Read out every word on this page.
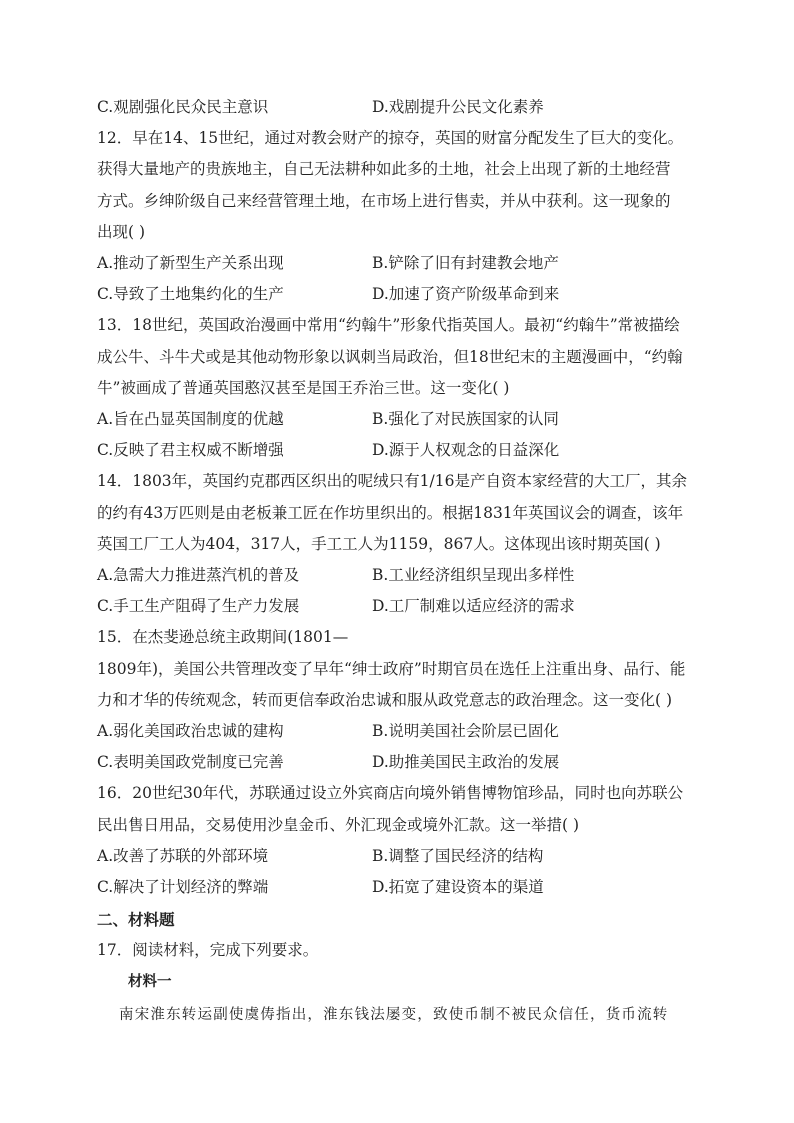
C.观剧强化民众民主意识	D.戏剧提升公民文化素养
12．早在14、15世纪，通过对教会财产的掠夺，英国的财富分配发生了巨大的变化。
获得大量地产的贵族地主，自己无法耕种如此多的土地，社会上出现了新的土地经营
方式。乡绅阶级自己来经营管理土地，在市场上进行售卖，并从中获利。这一现象的
出现( )
A.推动了新型生产关系出现	B.铲除了旧有封建教会地产
C.导致了土地集约化的生产	D.加速了资产阶级革命到来
13．18世纪，英国政治漫画中常用“约翰牛”形象代指英国人。最初“约翰牛”常被描绘
成公牛、斗牛犬或是其他动物形象以讽刺当局政治，但18世纪末的主题漫画中，“约翰
牛”被画成了普通英国憨汉甚至是国王乔治三世。这一变化( )
A.旨在凸显英国制度的优越	B.强化了对民族国家的认同
C.反映了君主权威不断增强	D.源于人权观念的日益深化
14．1803年，英国约克郡西区织出的呢绒只有1/16是产自资本家经营的大工厂，其余
的约有43万匹则是由老板兼工匠在作坊里织出的。根据1831年英国议会的调查，该年
英国工厂工人为404，317人，手工工人为1159，867人。这体现出该时期英国( )
A.急需大力推进蒸汽机的普及	B.工业经济组织呈现出多样性
C.手工生产阻碍了生产力发展	D.工厂制难以适应经济的需求
15．在杰斐逊总统主政期间(1801—
1809年)，美国公共管理改变了早年“绅士政府”时期官员在选任上注重出身、品行、能
力和才华的传统观念，转而更信奉政治忠诚和服从政党意志的政治理念。这一变化( )
A.弱化美国政治忠诚的建构	B.说明美国社会阶层已固化
C.表明美国政党制度已完善	D.助推美国民主政治的发展
16．20世纪30年代，苏联通过设立外宾商店向境外销售博物馆珍品，同时也向苏联公
民出售日用品，交易使用沙皇金币、外汇现金或境外汇款。这一举措( )
A.改善了苏联的外部环境	B.调整了国民经济的结构
C.解决了计划经济的弊端	D.拓宽了建设资本的渠道
二、材料题
17．阅读材料，完成下列要求。
材料一
南宋淮东转运副使虞俦指出，淮东钱法屡变，致使币制不被民众信任，货币流转
